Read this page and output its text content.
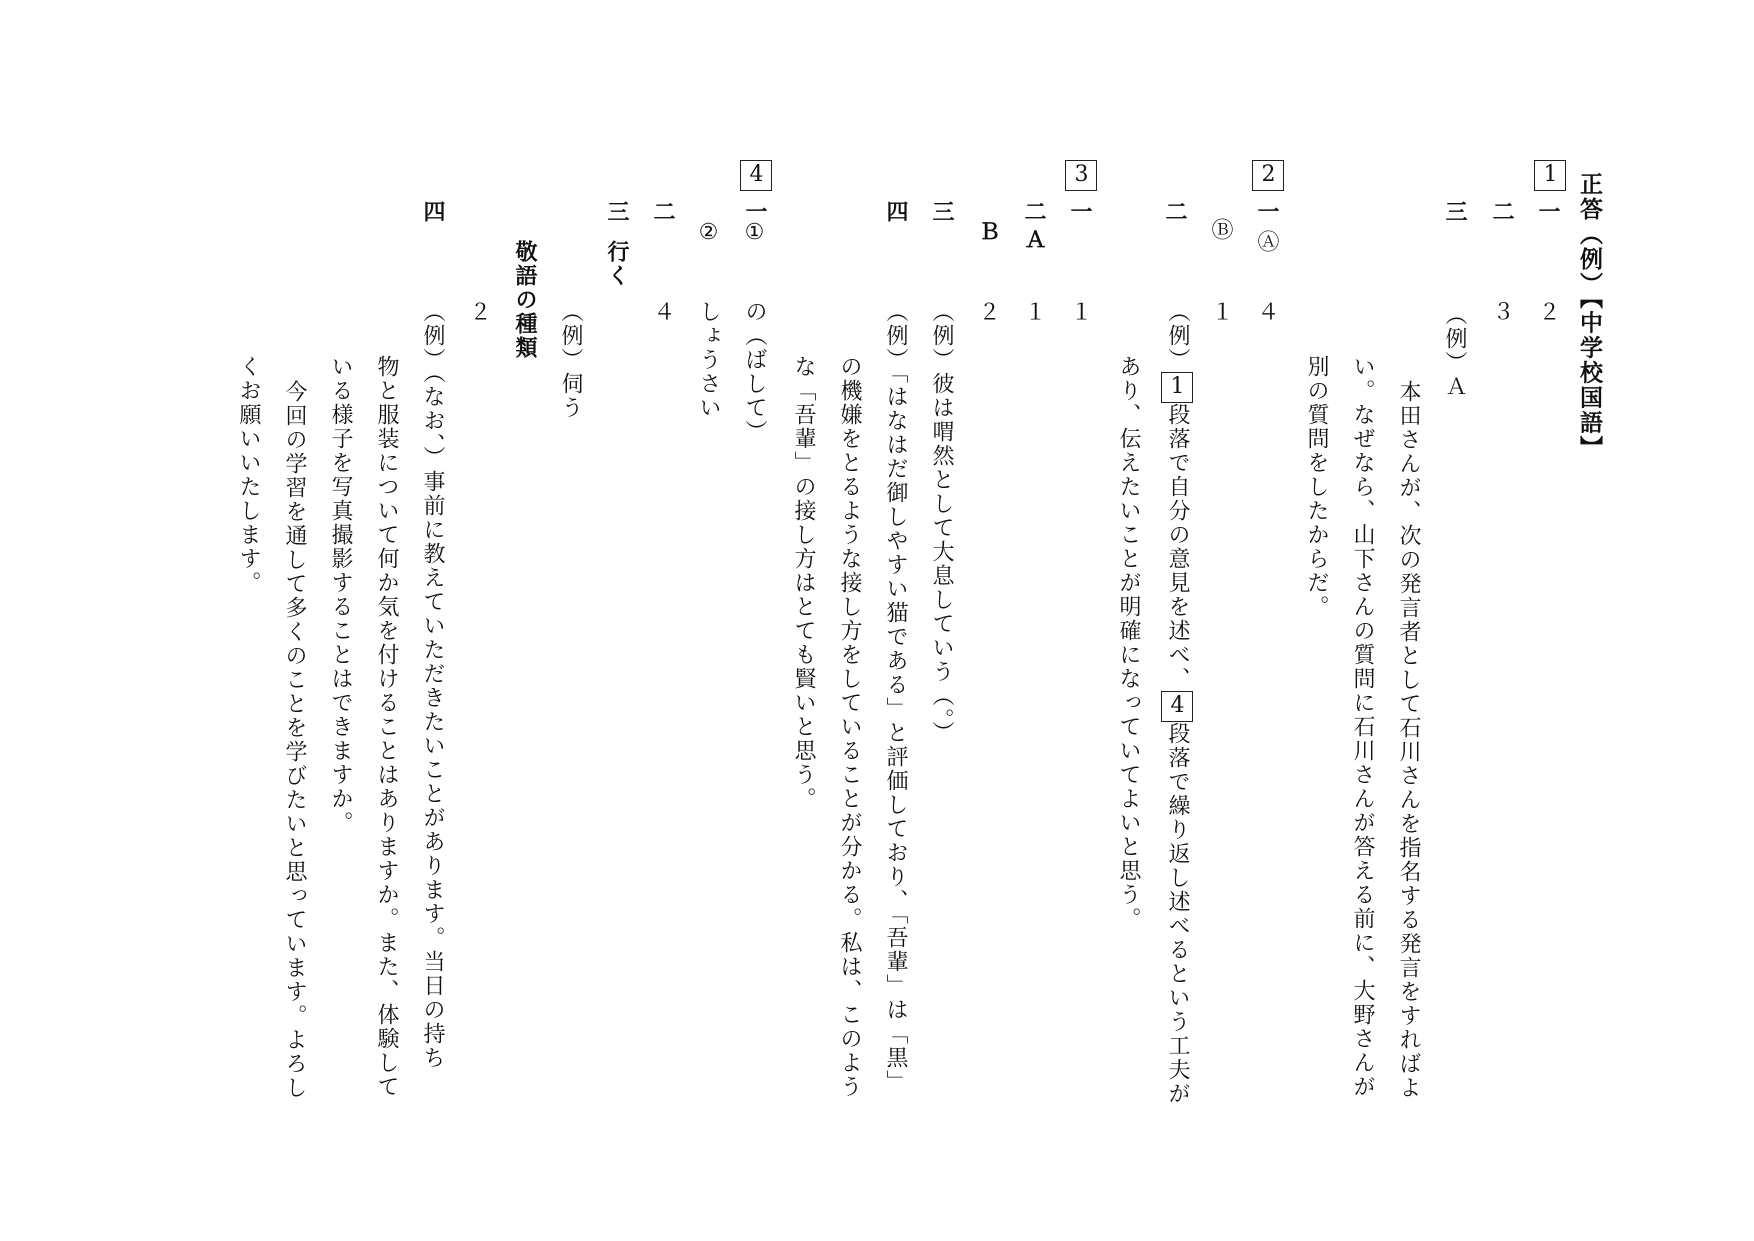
正答（例）【中学校国語】
1
一
２
二
３
三
（例）Ａ
本田さんが、次の発言者として石川さんを指名する発言をすればよ
い。なぜなら、山下さんの質問に石川さんが答える前に、大野さんが
別の質問をしたからだ。
2
一
Ⓐ
４
Ⓑ
１
二
（例）1段落で自分の意見を述べ、4段落で繰り返し述べるという工夫が
あり、伝えたいことが明確になっていてよいと思う。
3
一
１
二
Ａ
１
Ｂ
２
三
（例）彼は喟然として大息していう（。）
四
（例）「はなはだ御しやすい猫である」と評価しており、「吾輩」は「黒」
の機嫌をとるような接し方をしていることが分かる。私は、このよう
な「吾輩」の接し方はとても賢いと思う。
4
一
①
の（ばして）
②
しょうさい
二
４
三
行く
（例）伺う
敬語の種類
２
四
（例）（なお、）事前に教えていただきたいことがあります。当日の持ち
物と服装について何か気を付けることはありますか。また、体験して
いる様子を写真撮影することはできますか。
今回の学習を通して多くのことを学びたいと思っています。よろし
くお願いいたします。
